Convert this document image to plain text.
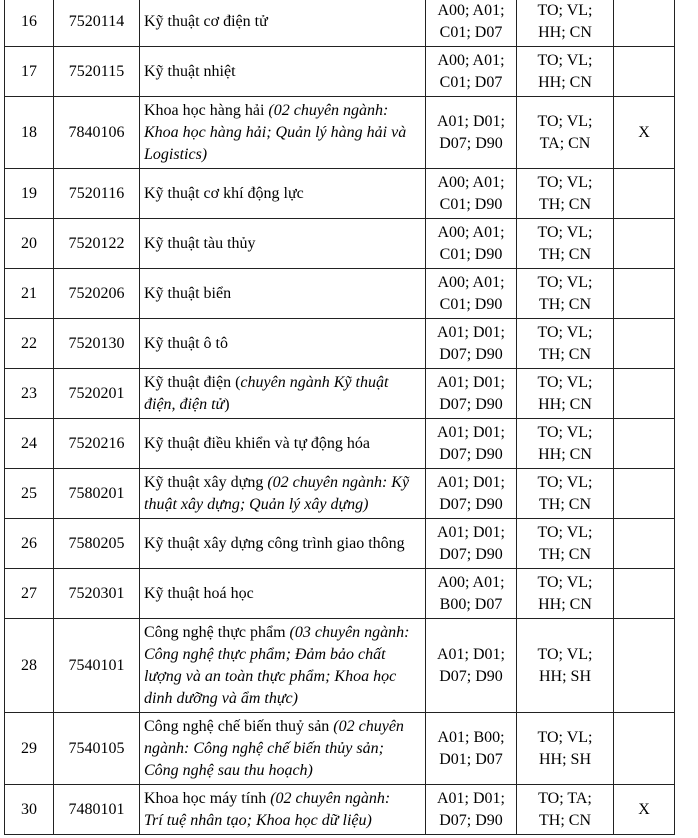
16	7520114	Kỹ thuật cơ điện tử	A00; A01;
C01; D07	TO; VL;
HH; CN	

17	7520115	Kỹ thuật nhiệt	A00; A01;
C01; D07	TO; VL;
HH; CN	

18	7840106	Khoa học hàng hải (02 chuyên ngành:
Khoa học hàng hải; Quản lý hàng hải và
Logistics)	A01; D01;
D07; D90	TO; VL;
TA; CN	X
19	7520116	Kỹ thuật cơ khí động lực	A00; A01;
C01; D90	TO; VL;
TH; CN	

20	7520122	Kỹ thuật tàu thủy	A00; A01;
C01; D90	TO; VL;
TH; CN	

21	7520206	Kỹ thuật biển	A00; A01;
C01; D90	TO; VL;
TH; CN	

22	7520130	Kỹ thuật ô tô	A01; D01;
D07; D90	TO; VL;
TH; CN	

23	7520201	Kỹ thuật điện (chuyên ngành Kỹ thuật
điện, điện tử)	A01; D01;
D07; D90	TO; VL;
HH; CN	

24	7520216	Kỹ thuật điều khiển và tự động hóa	A01; D01;
D07; D90	TO; VL;
HH; CN	

25	7580201	Kỹ thuật xây dựng (02 chuyên ngành: Kỹ
thuật xây dựng; Quản lý xây dựng)	A01; D01;
D07; D90	TO; VL;
TH; CN	

26	7580205	Kỹ thuật xây dựng công trình giao thông	A01; D01;
D07; D90	TO; VL;
TH; CN	

27	7520301	Kỹ thuật hoá học	A00; A01;
B00; D07	TO; VL;
HH; CN	

28	7540101	Công nghệ thực phẩm (03 chuyên ngành:
Công nghệ thực phẩm; Đảm bảo chất
lượng và an toàn thực phẩm; Khoa học
dinh dưỡng và ẩm thực)	A01; D01;
D07; D90	TO; VL;
HH; SH	

29	7540105	Công nghệ chế biến thuỷ sản (02 chuyên
ngành: Công nghệ chế biến thủy sản;
Công nghệ sau thu hoạch)	A01; B00;
D01; D07	TO; VL;
HH; SH	

30	7480101	Khoa học máy tính (02 chuyên ngành:
Trí tuệ nhân tạo; Khoa học dữ liệu)	A01; D01;
D07; D90	TO; TA;
TH; CN	X
